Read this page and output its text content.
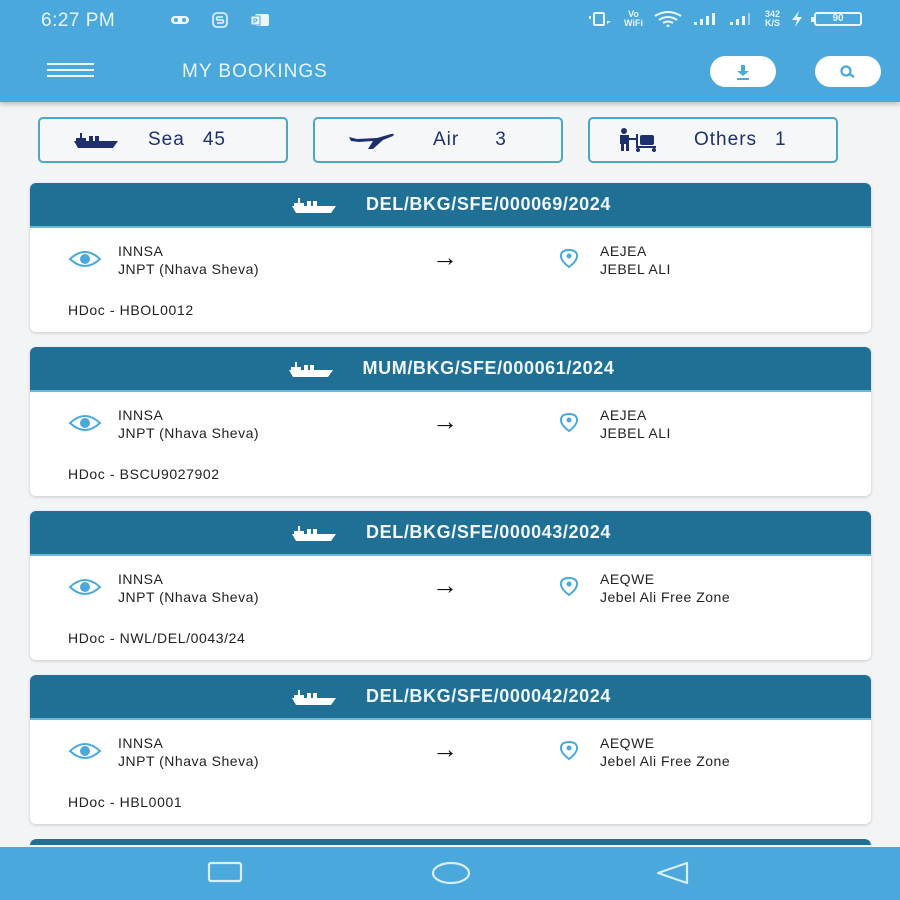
6:27 PM	P
Vo
WiFi
342
K/S	90
MY BOOKINGS
Sea 45	Air 3	Others 1
DEL/BKG/SFE/000069/2024
INNSA
JNPT (Nhava Sheva)	→	AEJEA
JEBEL ALI
HDoc - HBOL0012
MUM/BKG/SFE/000061/2024
INNSA
JNPT (Nhava Sheva)	→	AEJEA
JEBEL ALI
HDoc - BSCU9027902
DEL/BKG/SFE/000043/2024
INNSA
JNPT (Nhava Sheva)	→	AEQWE
Jebel Ali Free Zone
HDoc - NWL/DEL/0043/24
DEL/BKG/SFE/000042/2024
INNSA
JNPT (Nhava Sheva)	→	AEQWE
Jebel Ali Free Zone
HDoc - HBL0001
